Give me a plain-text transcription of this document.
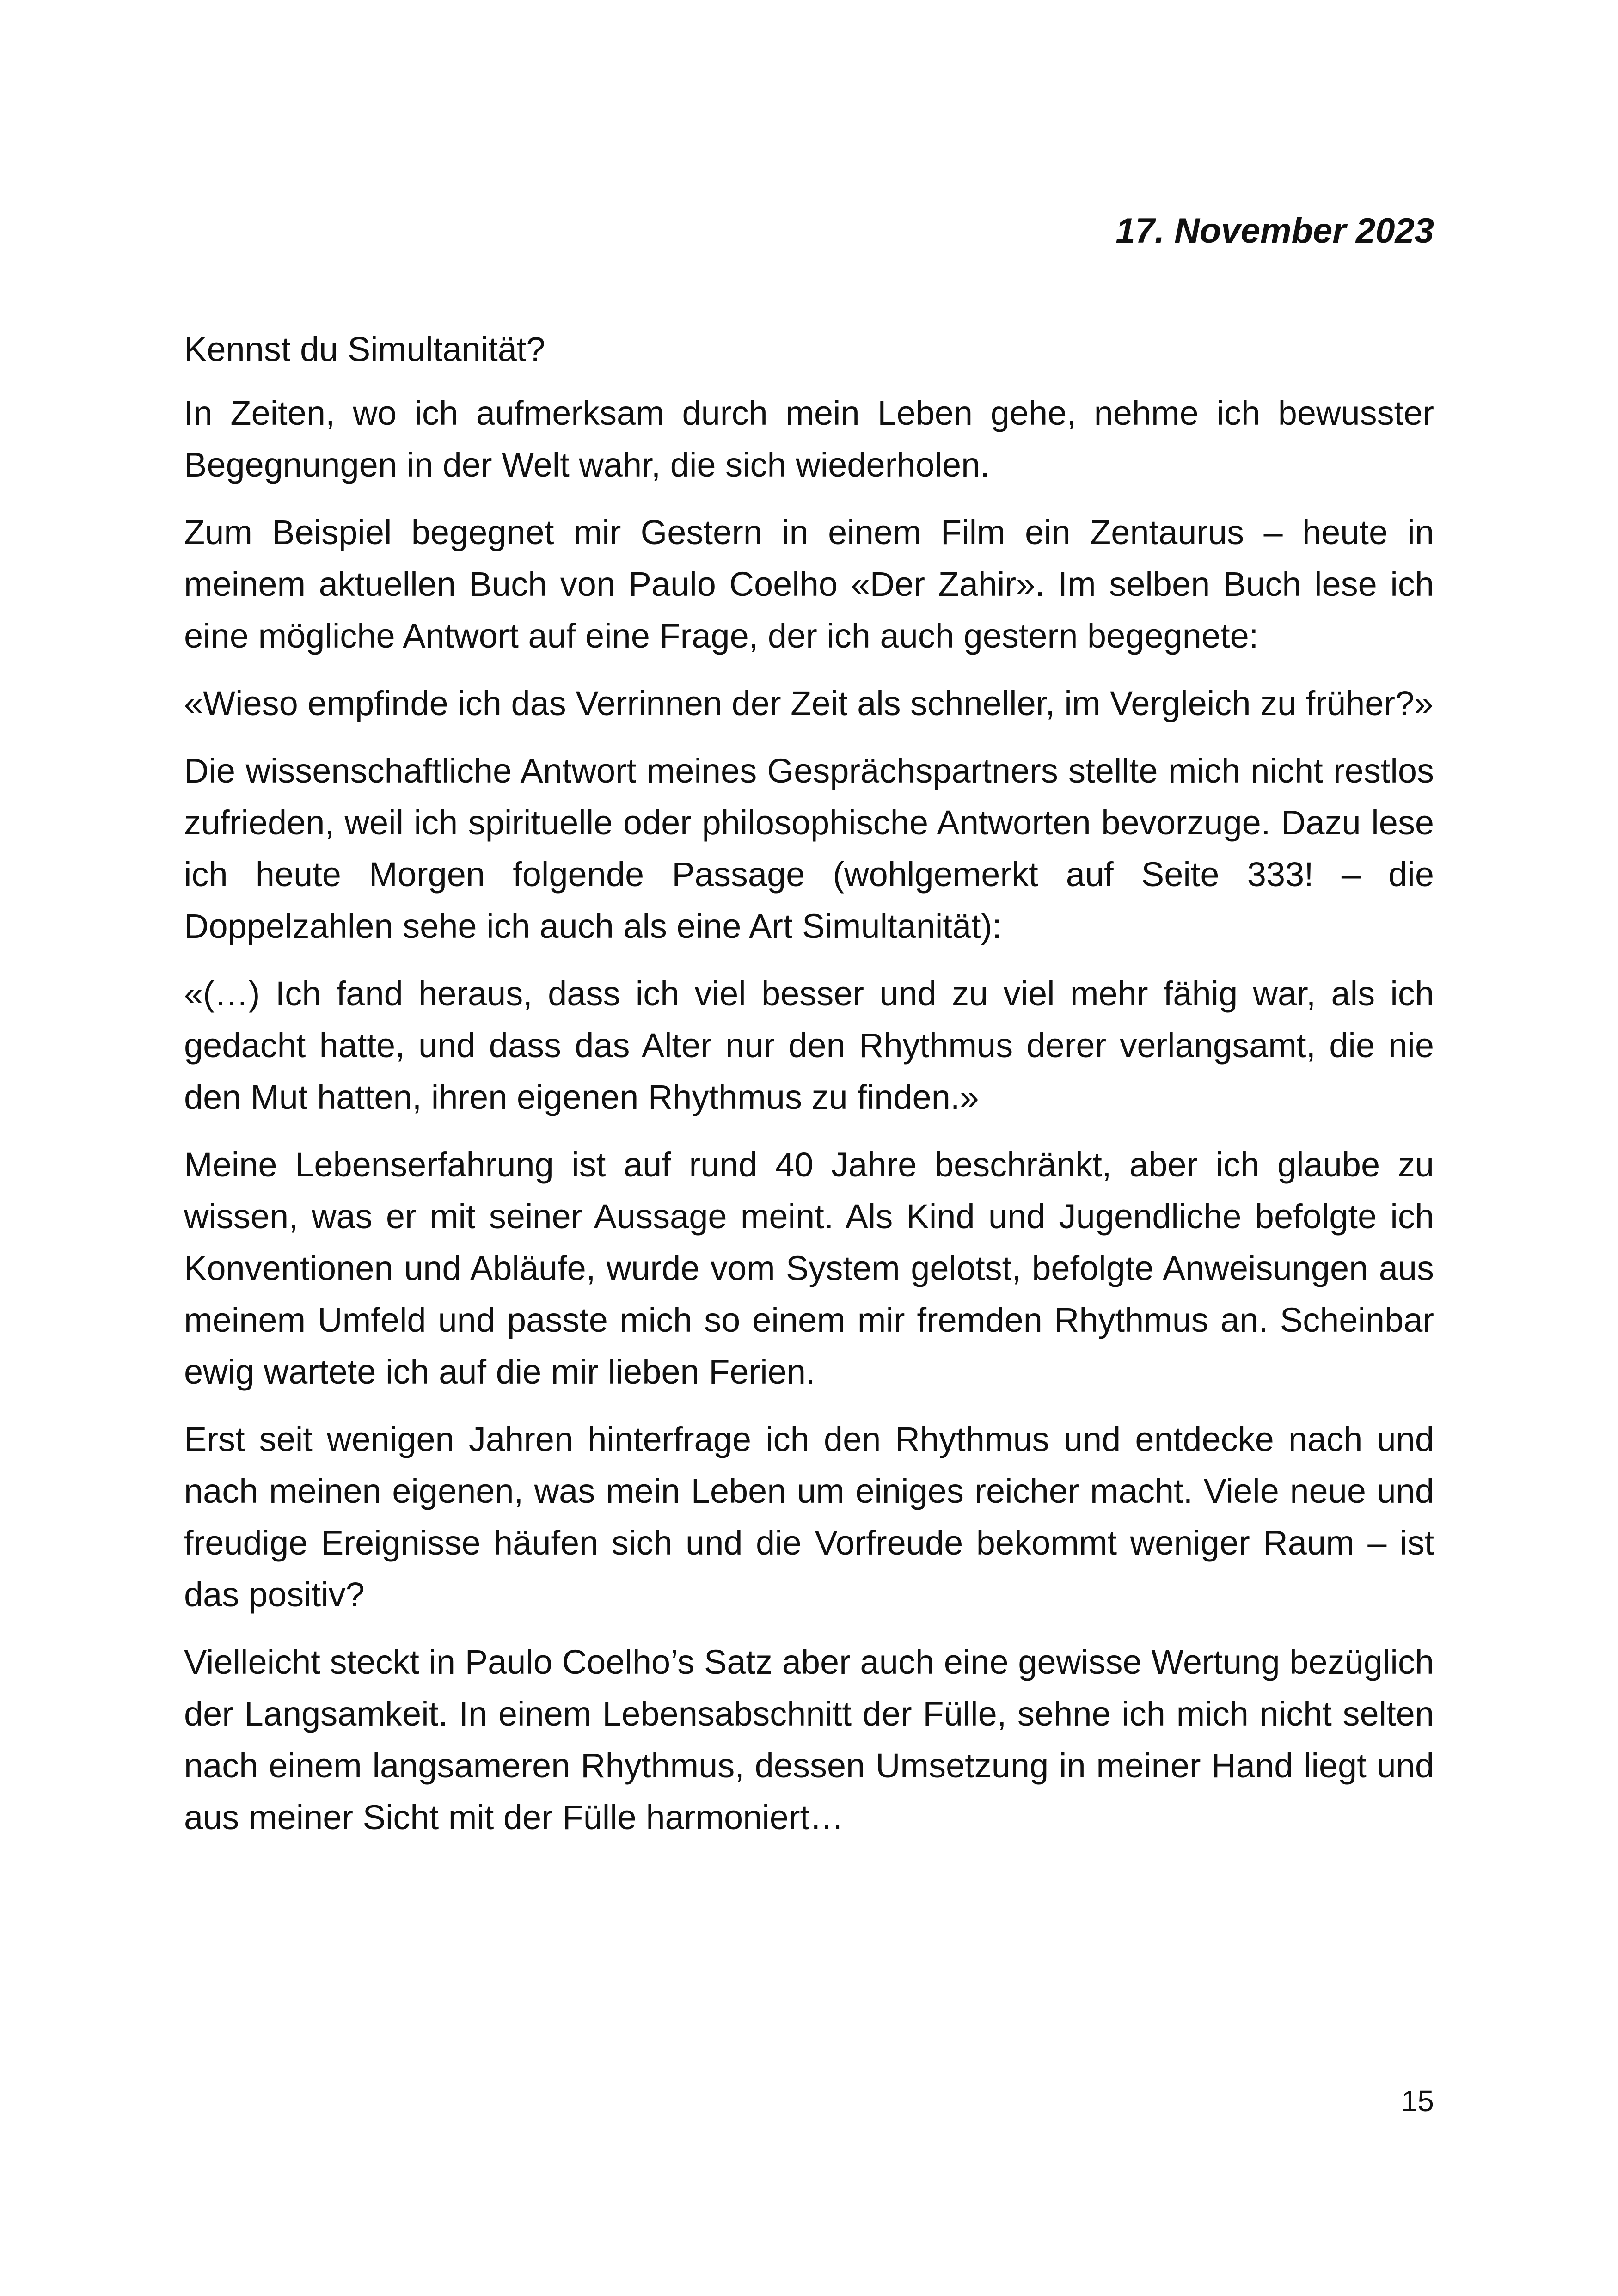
17. November 2023

Kennst du Simultanität?

In Zeiten, wo ich aufmerksam durch mein Leben gehe, nehme ich bewusster Begegnungen in der Welt wahr, die sich wiederholen.

Zum Beispiel begegnet mir Gestern in einem Film ein Zentaurus – heute in meinem aktuellen Buch von Paulo Coelho «Der Zahir». Im selben Buch lese ich eine mögliche Antwort auf eine Frage, der ich auch gestern begegnete:

«Wieso empfinde ich das Verrinnen der Zeit als schneller, im Vergleich zu früher?»

Die wissenschaftliche Antwort meines Gesprächspartners stellte mich nicht restlos zufrieden, weil ich spirituelle oder philosophische Antworten bevorzuge. Dazu lese ich heute Morgen folgende Passage (wohlgemerkt auf Seite 333! – die Doppelzahlen sehe ich auch als eine Art Simultanität):

«(…) Ich fand heraus, dass ich viel besser und zu viel mehr fähig war, als ich gedacht hatte, und dass das Alter nur den Rhythmus derer verlangsamt, die nie den Mut hatten, ihren eigenen Rhythmus zu finden.»

Meine Lebenserfahrung ist auf rund 40 Jahre beschränkt, aber ich glaube zu wissen, was er mit seiner Aussage meint. Als Kind und Jugendliche befolgte ich Konventionen und Abläufe, wurde vom System gelotst, befolgte Anweisungen aus meinem Umfeld und passte mich so einem mir fremden Rhythmus an. Scheinbar ewig wartete ich auf die mir lieben Ferien.

Erst seit wenigen Jahren hinterfrage ich den Rhythmus und entdecke nach und nach meinen eigenen, was mein Leben um einiges reicher macht. Viele neue und freudige Ereignisse häufen sich und die Vorfreude bekommt weniger Raum – ist das positiv?

Vielleicht steckt in Paulo Coelho’s Satz aber auch eine gewisse Wertung bezüglich der Langsamkeit. In einem Lebensabschnitt der Fülle, sehne ich mich nicht selten nach einem langsameren Rhythmus, dessen Umsetzung in meiner Hand liegt und aus meiner Sicht mit der Fülle harmoniert…

15
